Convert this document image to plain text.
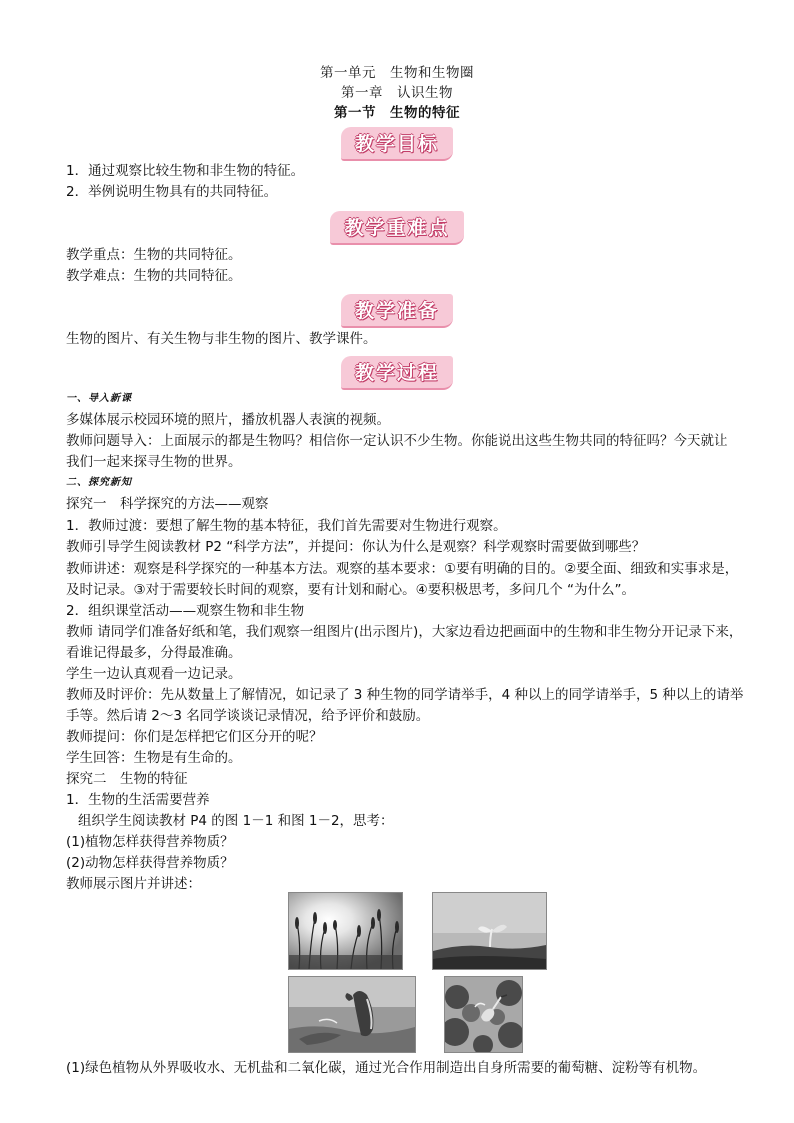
第一单元　生物和生物圈
第一章　认识生物
第一节　生物的特征
教学目标
1．通过观察比较生物和非生物的特征。
2．举例说明生物具有的共同特征。
教学重难点
教学重点：生物的共同特征。
教学难点：生物的共同特征。
教学准备
生物的图片、有关生物与非生物的图片、教学课件。
教学过程
一、导入新课
多媒体展示校园环境的照片，播放机器人表演的视频。
教师问题导入：上面展示的都是生物吗？相信你一定认识不少生物。你能说出这些生物共同的特征吗？今天就让
我们一起来探寻生物的世界。
二、探究新知
探究一　科学探究的方法——观察
1．教师过渡：要想了解生物的基本特征，我们首先需要对生物进行观察。
教师引导学生阅读教材 P2 “科学方法”，并提问：你认为什么是观察？科学观察时需要做到哪些？
教师讲述：观察是科学探究的一种基本方法。观察的基本要求：①要有明确的目的。②要全面、细致和实事求是，
及时记录。③对于需要较长时间的观察，要有计划和耐心。④要积极思考，多问几个 “为什么”。
2．组织课堂活动——观察生物和非生物
教师 请同学们准备好纸和笔，我们观察一组图片(出示图片)，大家边看边把画面中的生物和非生物分开记录下来，
看谁记得最多，分得最准确。
学生一边认真观看一边记录。
教师及时评价：先从数量上了解情况，如记录了 3 种生物的同学请举手，4 种以上的同学请举手，5 种以上的请举
手等。然后请 2～3 名同学谈谈记录情况，给予评价和鼓励。
教师提问：你们是怎样把它们区分开的呢？
学生回答：生物是有生命的。
探究二　生物的特征
1．生物的生活需要营养
组织学生阅读教材 P4 的图 1－1 和图 1－2，思考：
(1)植物怎样获得营养物质？
(2)动物怎样获得营养物质？
教师展示图片并讲述：
(1)绿色植物从外界吸收水、无机盐和二氧化碳，通过光合作用制造出自身所需要的葡萄糖、淀粉等有机物。
